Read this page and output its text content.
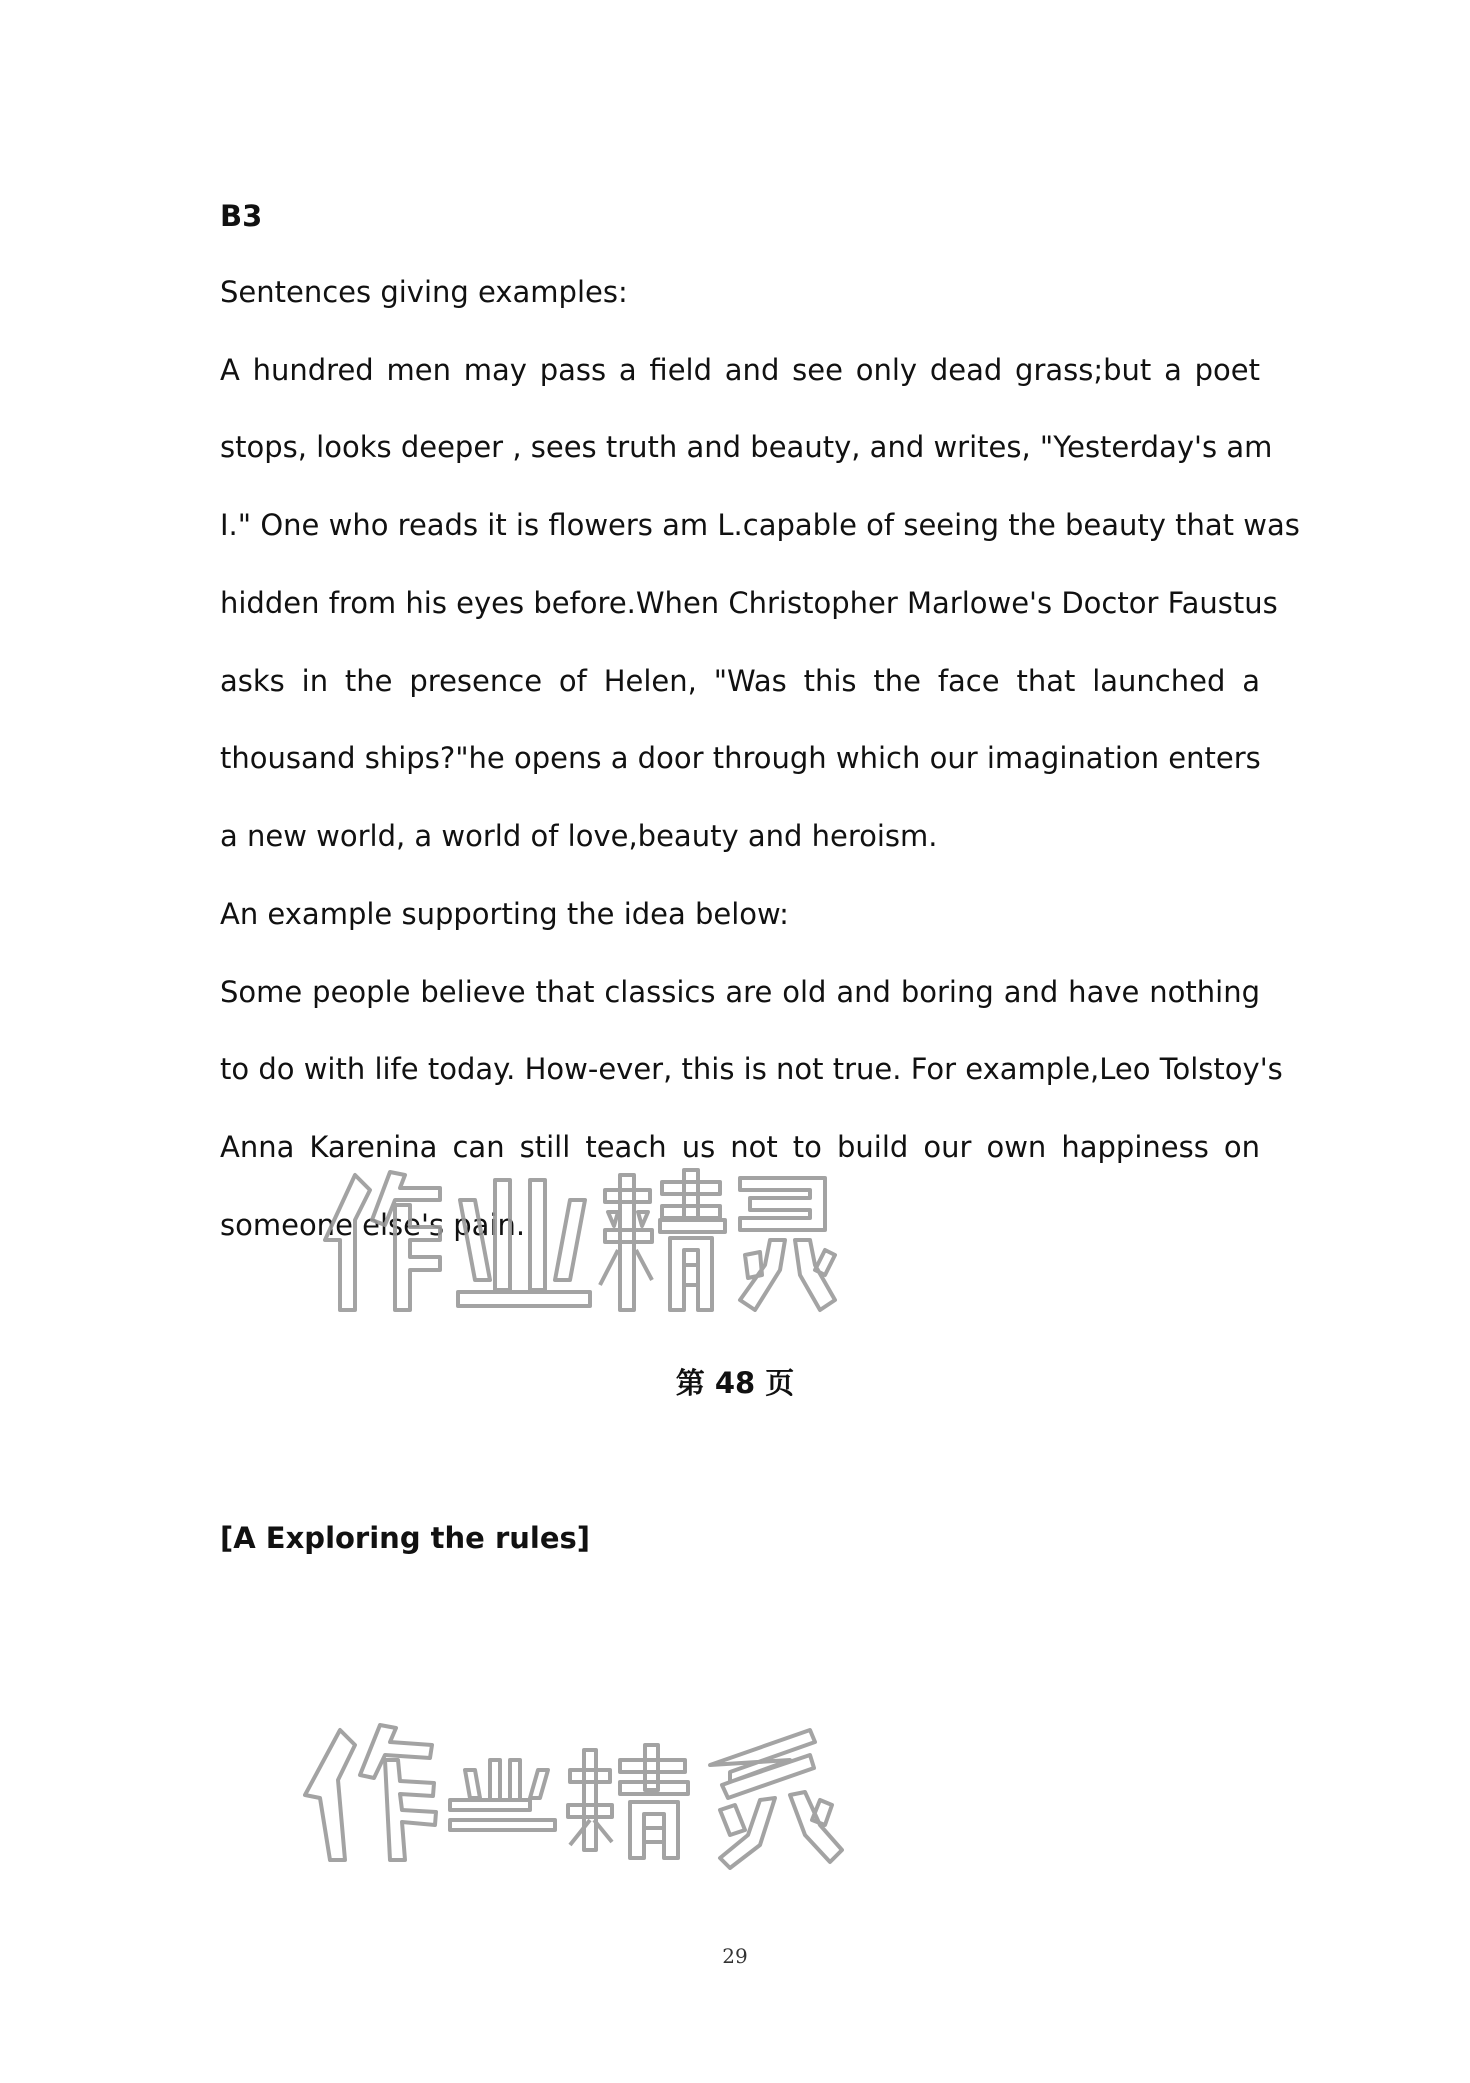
B3
Sentences giving examples:
A hundred men may pass a field and see only dead grass;but a poet
stops, looks deeper , sees truth and beauty, and writes, "Yesterday's am
I." One who reads it is flowers am L.capable of seeing the beauty that was
hidden from his eyes before.When Christopher Marlowe's Doctor Faustus
asks in the presence of Helen, "Was this the face that launched a
thousand ships?"he opens a door through which our imagination enters
a new world, a world of love,beauty and heroism.
An example supporting the idea below:
Some people believe that classics are old and boring and have nothing
to do with life today. How-ever, this is not true. For example,Leo Tolstoy's
Anna Karenina can still teach us not to build our own happiness on
someone else's pain.
第 48 页
[A Exploring the rules]
29
